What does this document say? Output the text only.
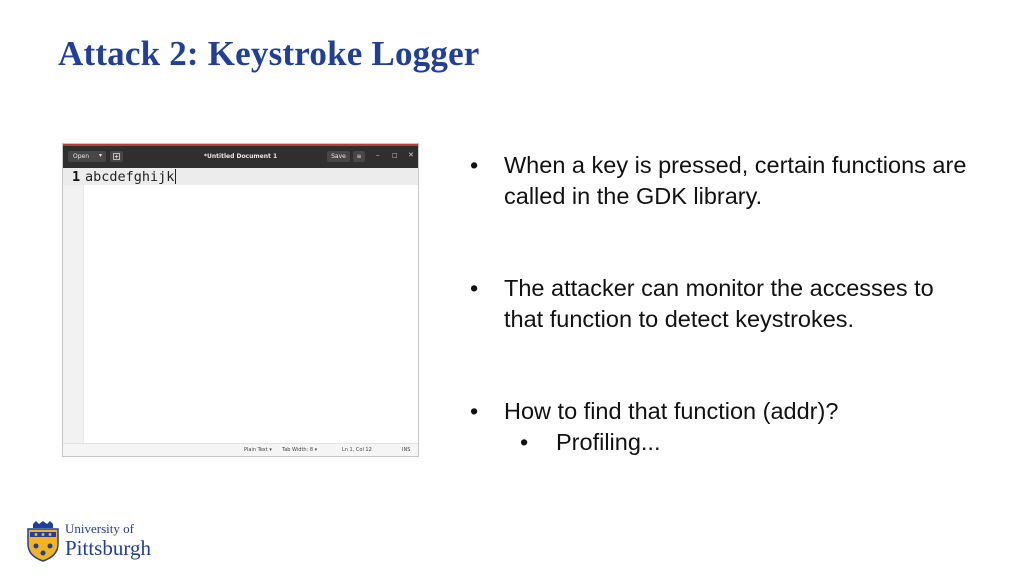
Attack 2: Keystroke Logger
Open ▾	*Untitled Document 1	Save ≡ – □ ✕
1 abcdefghijk
Plain Text ▾ Tab Width: 8 ▾	Ln 1, Col 12	INS
•	When a key is pressed, certain functions are called in the GDK library.
•	The attacker can monitor the accesses to that function to detect keystrokes.
•	How to find that function (addr)?
• Profiling...
University of
Pittsburgh
